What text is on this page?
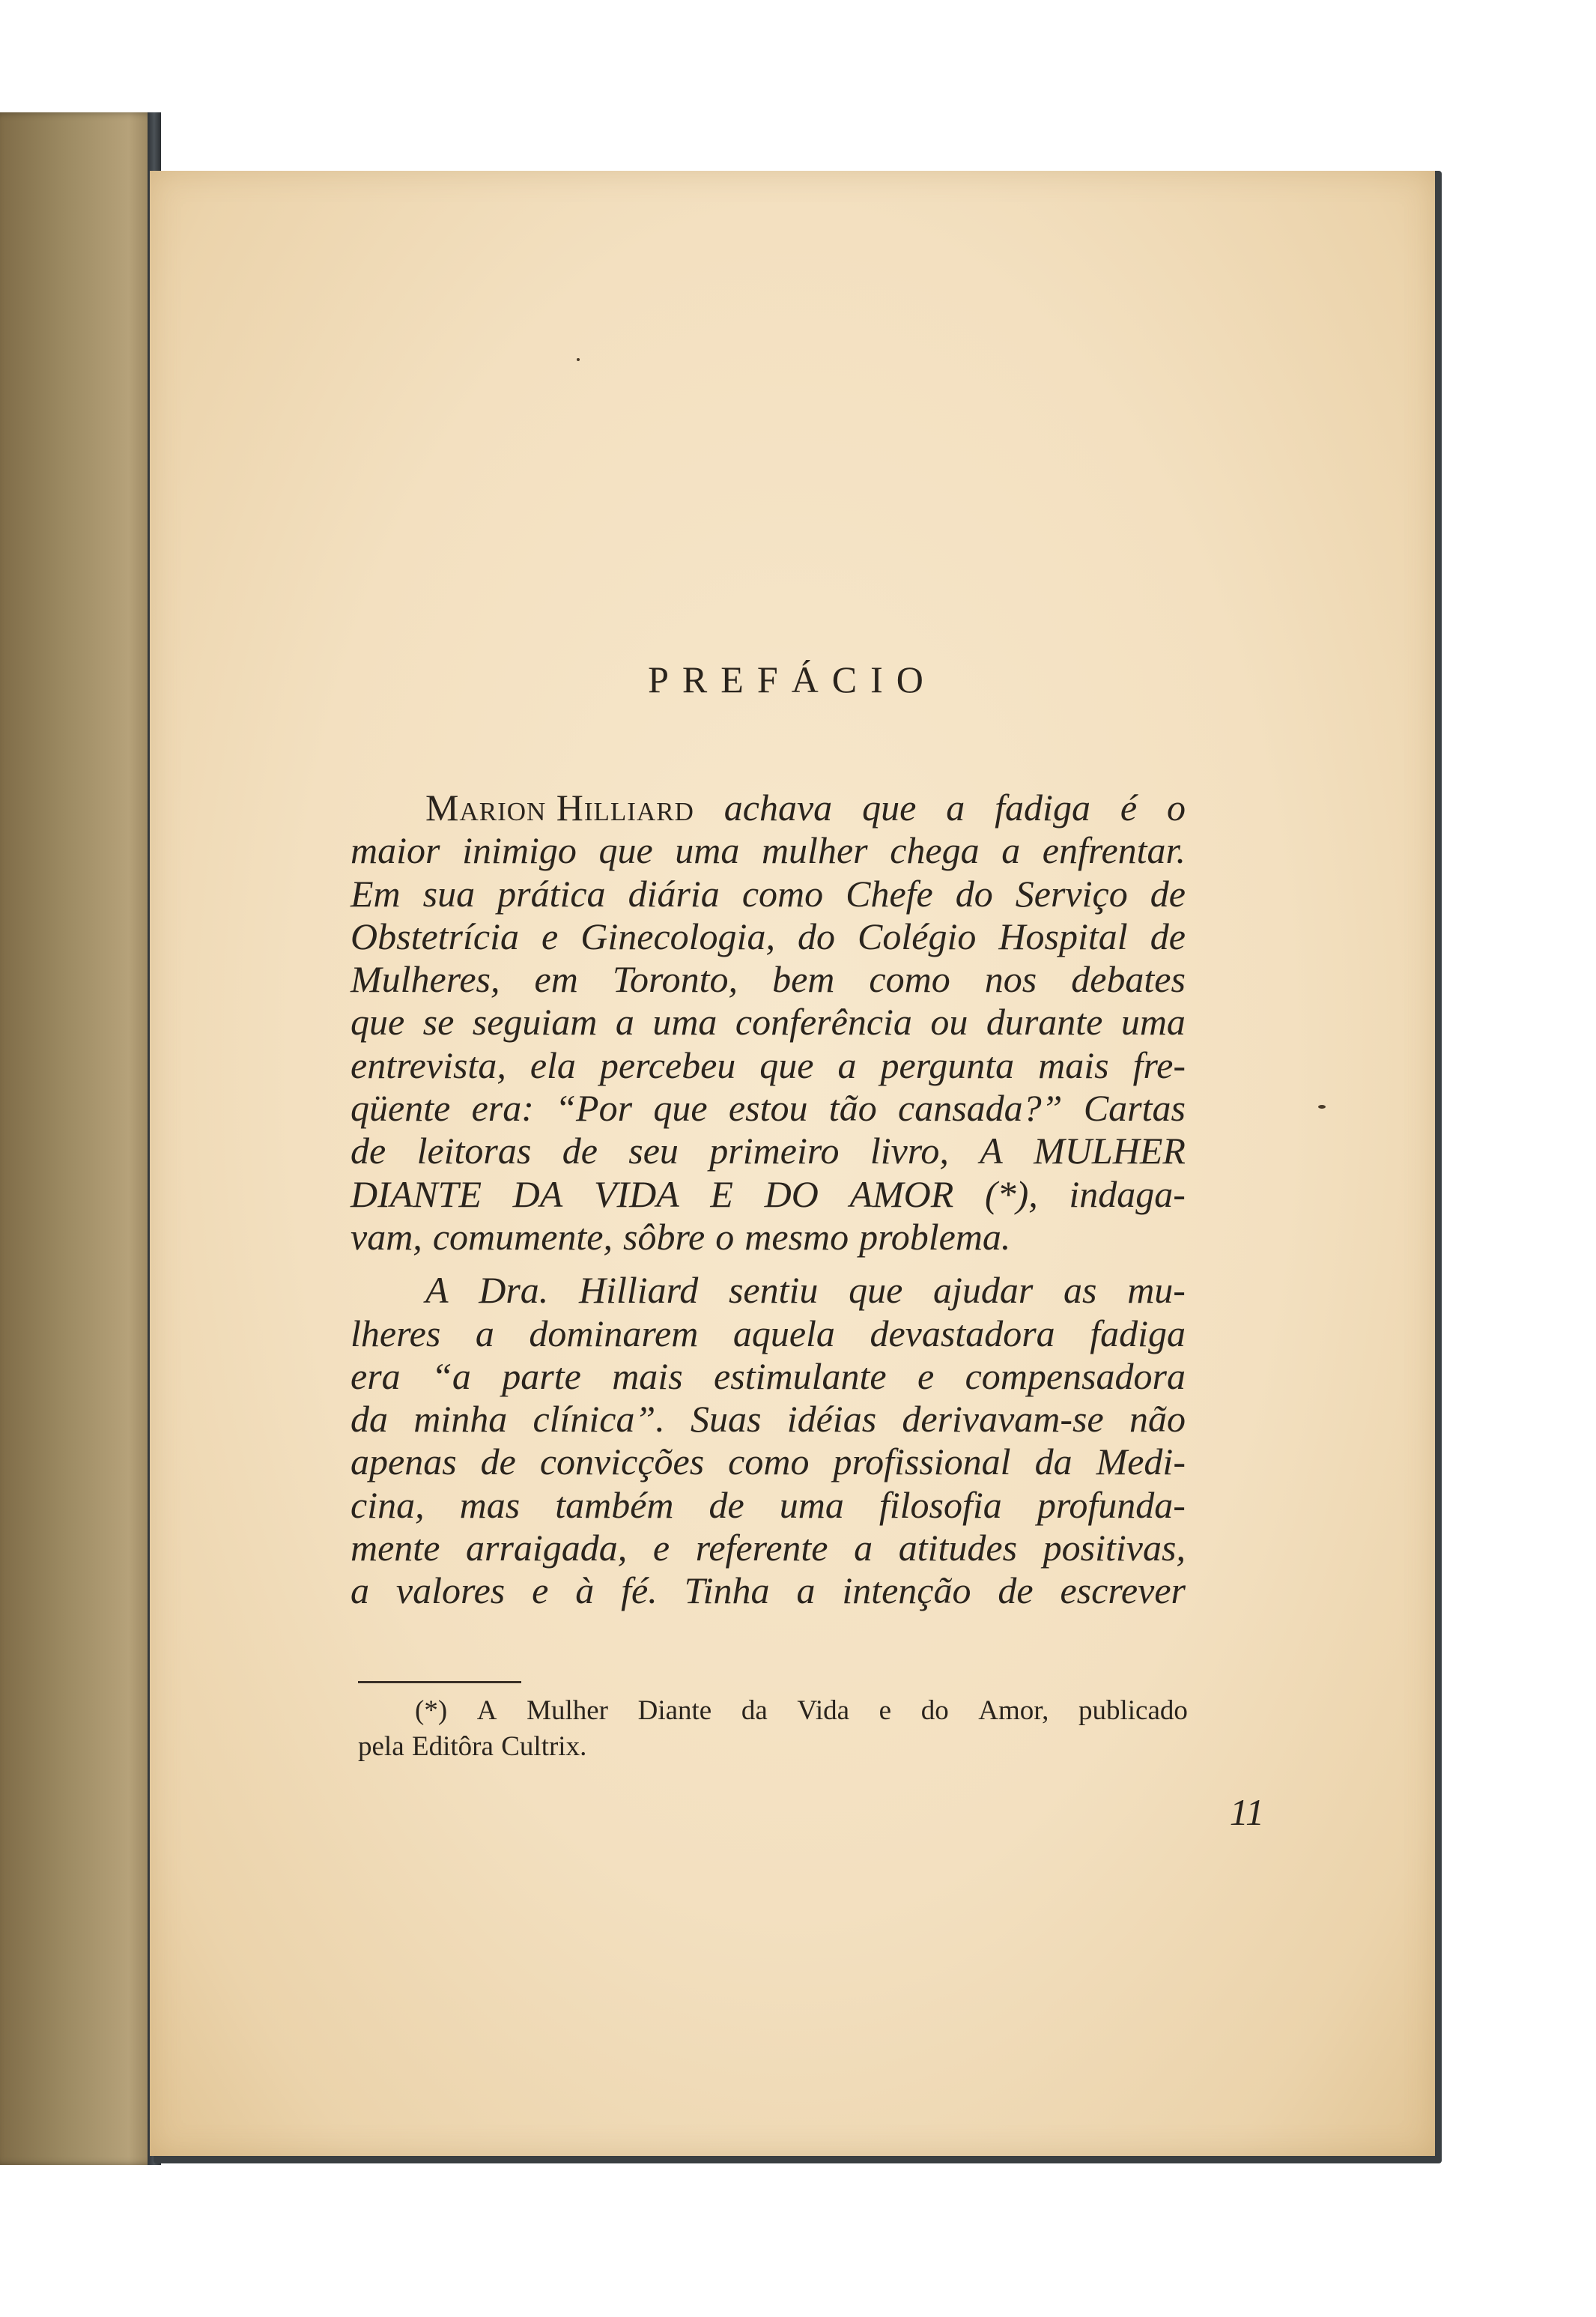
PREFÁCIO
Marion Hilliard achava que a fadiga é o
maior inimigo que uma mulher chega a enfrentar.
Em sua prática diária como Chefe do Serviço de
Obstetrícia e Ginecologia, do Colégio Hospital de
Mulheres, em Toronto, bem como nos debates
que se seguiam a uma conferência ou durante uma
entrevista, ela percebeu que a pergunta mais fre-
qüente era: “Por que estou tão cansada?” Cartas
de leitoras de seu primeiro livro, A MULHER
DIANTE DA VIDA E DO AMOR (*), indaga-
vam, comumente, sôbre o mesmo problema.
A Dra. Hilliard sentiu que ajudar as mu-
lheres a dominarem aquela devastadora fadiga
era “a parte mais estimulante e compensadora
da minha clínica”. Suas idéias derivavam-se não
apenas de convicções como profissional da Medi-
cina, mas também de uma filosofia profunda-
mente arraigada, e referente a atitudes positivas,
a valores e à fé. Tinha a intenção de escrever
(*) A Mulher Diante da Vida e do Amor, publicado
pela Editôra Cultrix.
11
